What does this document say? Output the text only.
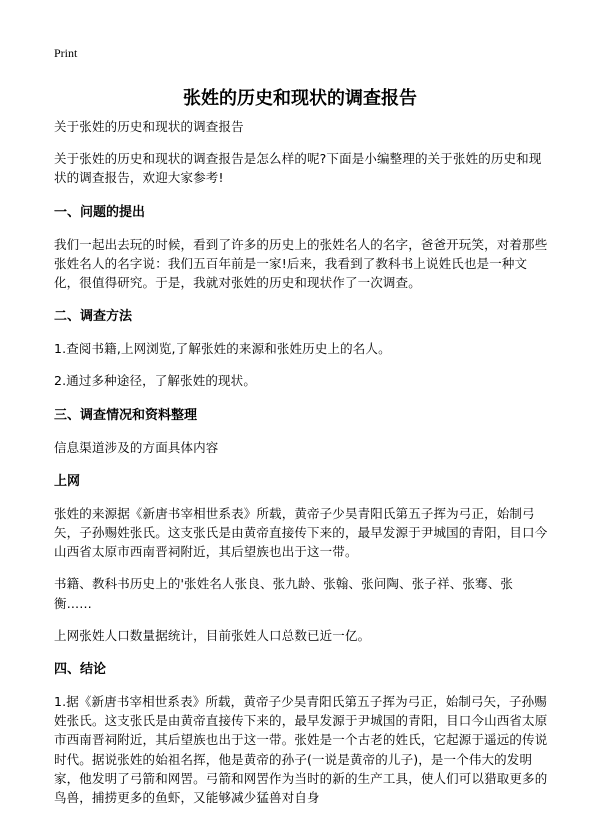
Print
张姓的历史和现状的调查报告

关于张姓的历史和现状的调查报告

关于张姓的历史和现状的调查报告是怎么样的呢?下面是小编整理的关于张姓的历史和现状的调查报告，欢迎大家参考!

一、问题的提出

我们一起出去玩的时候，看到了许多的历史上的张姓名人的名字，爸爸开玩笑，对着那些张姓名人的名字说：我们五百年前是一家!后来，我看到了教科书上说姓氏也是一种文化，很值得研究。于是，我就对张姓的历史和现状作了一次调查。

二、调查方法

1.查阅书籍,上网浏览,了解张姓的来源和张姓历史上的名人。

2.通过多种途径，了解张姓的现状。

三、调查情况和资料整理

信息渠道涉及的方面具体内容

上网

张姓的来源据《新唐书宰相世系表》所载，黄帝子少昊青阳氏第五子挥为弓正，始制弓矢，子孙赐姓张氏。这支张氏是由黄帝直接传下来的，最早发源于尹城国的青阳，目口今山西省太原市西南晋祠附近，其后望族也出于这一带。

书籍、教科书历史上的'张姓名人张良、张九龄、张翰、张问陶、张子祥、张骞、张衡……

上网张姓人口数量据统计，目前张姓人口总数已近一亿。

四、结论

1.据《新唐书宰相世系表》所载，黄帝子少昊青阳氏第五子挥为弓正，始制弓矢，子孙赐姓张氏。这支张氏是由黄帝直接传下来的，最早发源于尹城国的青阳，目口今山西省太原市西南晋祠附近，其后望族也出于这一带。张姓是一个古老的姓氏，它起源于遥远的传说时代。据说张姓的始祖名挥，他是黄帝的孙子(一说是黄帝的儿子)，是一个伟大的发明家，他发明了弓箭和网罟。弓箭和网罟作为当时的新的生产工具，使人们可以猎取更多的鸟兽，捕捞更多的鱼虾，又能够减少猛兽对自身
